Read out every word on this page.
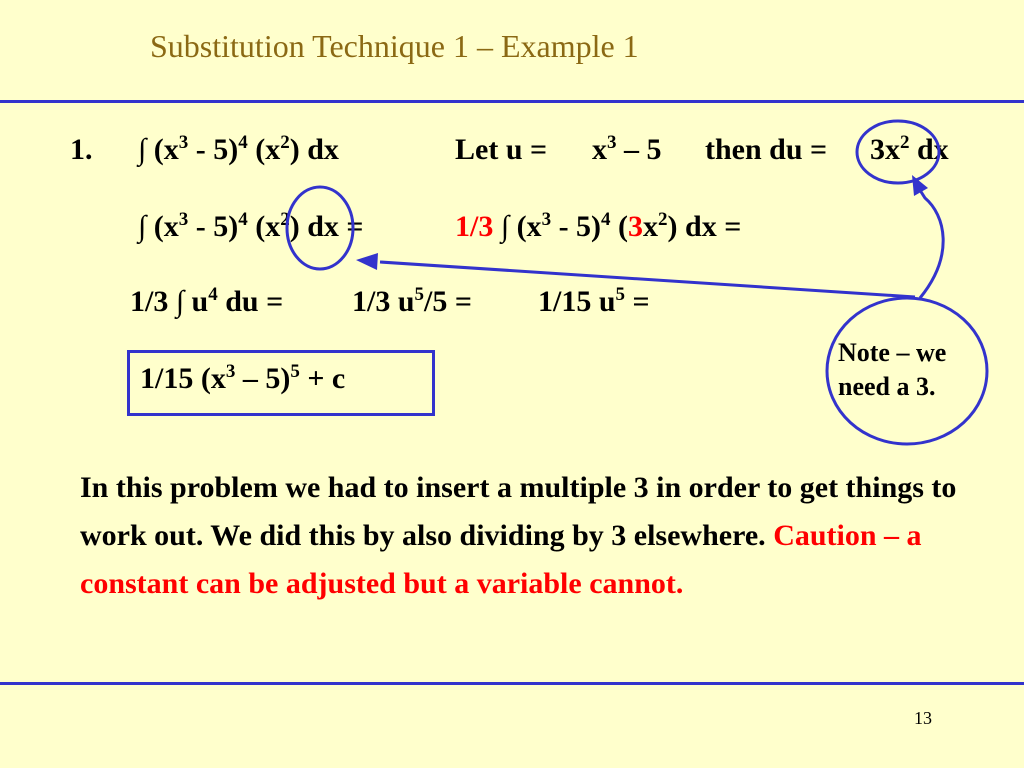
Substitution Technique 1 – Example 1
1. ∫ $(x^3 - 5)^4$ $(x^2)$ dx	Let $u = x^3 - 5$ then du = $3x^2$ dx
∫ $(x^3 - 5)^4$ $(x^2)$ dx =	1/3 ∫ $(x^3 - 5)^4$ $(3x^2)$ dx =
1/3 ∫ $u^4$ du = 1/3 $u^5/5 = 1/15$ $u^5$ =
1/15 $(x^3 - 5)^5 + c$
Note – we
need a 3.
In this problem we had to insert a multiple 3 in order to get things to work out. We did this by also dividing by 3 elsewhere. Caution – a constant can be adjusted but a variable cannot.
13
